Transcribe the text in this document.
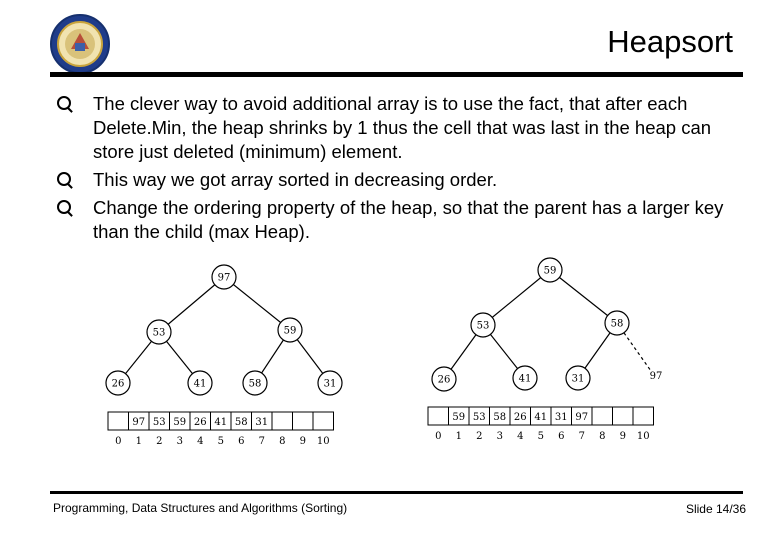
Heapsort
The clever way to avoid additional array is to use the fact, that after each Delete.Min, the heap shrinks by 1 thus the cell that was last in the heap can store just deleted (minimum) element.
This way we got array sorted in decreasing order.
Change the ordering property of the heap, so that the parent has a larger key than the child (max Heap).
97
53	59
26	41	58	31
97 53 59 26 41 58 31
0 1 2 3 4 5 6 7 8 9 10
59
53	58
26	41	31	97
59 53 58 26 41 31 97
0 1 2 3 4 5 6 7 8 9 10
Programming, Data Structures and Algorithms (Sorting)	Slide 14/36
